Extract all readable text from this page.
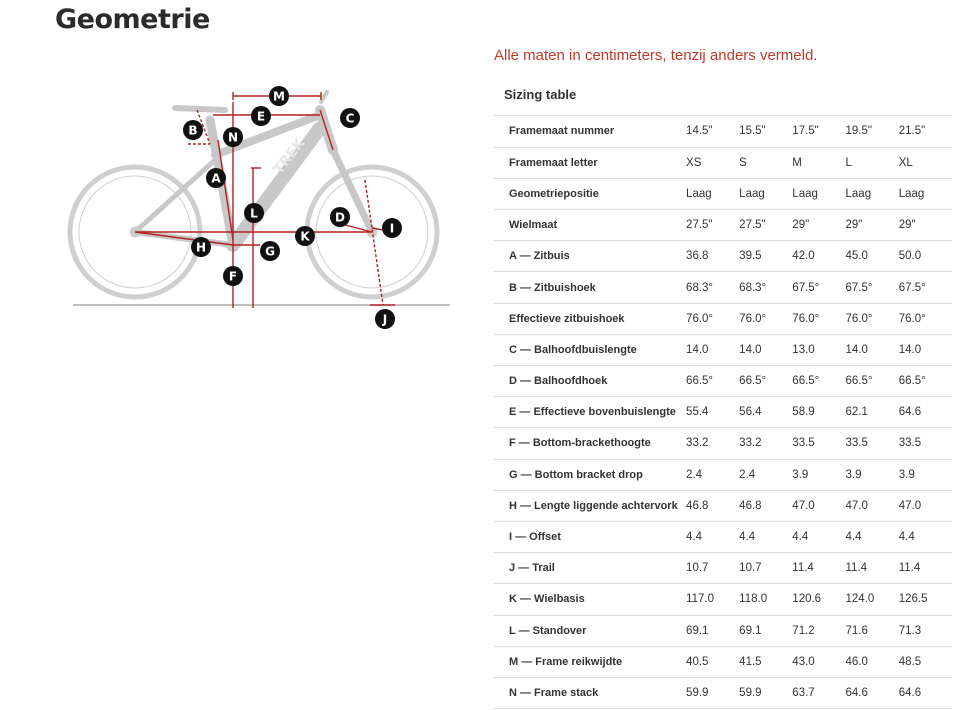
Geometrie

Alle maten in centimeters, tenzij anders vermeld.

TREK
M
E	C
B	N
A
L	D
I
H
K
G
F
J
Sizing table
Framemaat nummer	14.5"	15.5"	17.5"	19.5"	21.5"
Framemaat letter	XS	S	M	L	XL
Geometriepositie	Laag	Laag	Laag	Laag	Laag
Wielmaat	27.5"	27.5"	29"	29"	29"
A — Zitbuis	36.8	39.5	42.0	45.0	50.0
B — Zitbuishoek	68.3°	68.3°	67.5°	67.5°	67.5°
Effectieve zitbuishoek	76.0°	76.0°	76.0°	76.0°	76.0°
C — Balhoofdbuislengte	14.0	14.0	13.0	14.0	14.0
D — Balhoofdhoek	66.5°	66.5°	66.5°	66.5°	66.5°
E — Effectieve bovenbuislengte	55.4	56.4	58.9	62.1	64.6
F — Bottom-brackethoogte	33.2	33.2	33.5	33.5	33.5
G — Bottom bracket drop	2.4	2.4	3.9	3.9	3.9
H — Lengte liggende achtervork	46.8	46.8	47.0	47.0	47.0
I — Offset	4.4	4.4	4.4	4.4	4.4
J — Trail	10.7	10.7	11.4	11.4	11.4
K — Wielbasis	117.0	118.0	120.6	124.0	126.5
L — Standover	69.1	69.1	71.2	71.6	71.3
M — Frame reikwijdte	40.5	41.5	43.0	46.0	48.5
N — Frame stack	59.9	59.9	63.7	64.6	64.6
